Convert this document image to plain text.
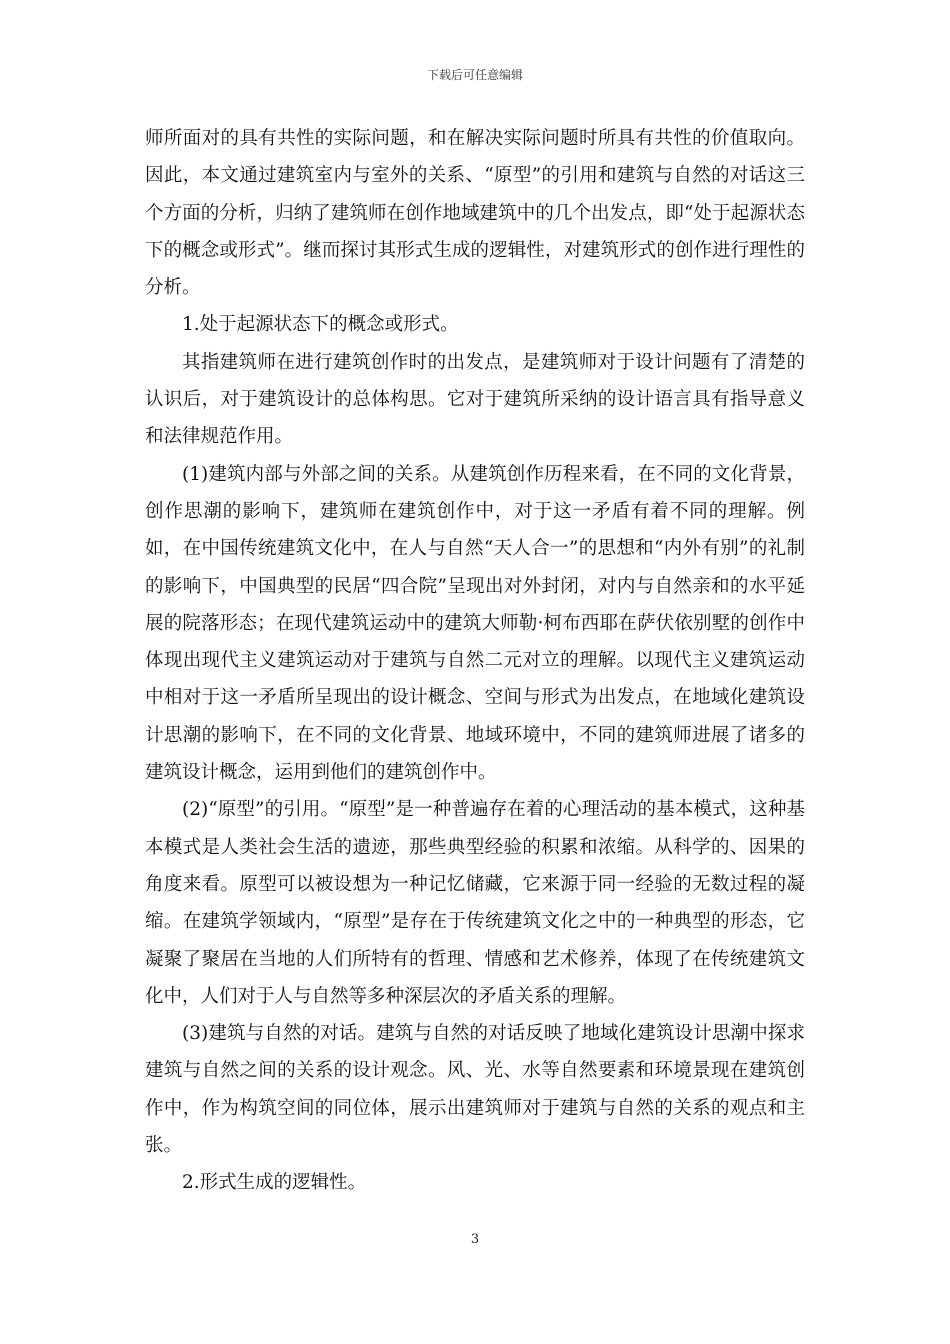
下载后可任意编辑

师所面对的具有共性的实际问题，和在解决实际问题时所具有共性的价值取向。因此，本文通过建筑室内与室外的关系、“原型”的引用和建筑与自然的对话这三个方面的分析，归纳了建筑师在创作地域建筑中的几个出发点，即“处于起源状态下的概念或形式”。继而探讨其形式生成的逻辑性，对建筑形式的创作进行理性的分析。

1.处于起源状态下的概念或形式。

其指建筑师在进行建筑创作时的出发点，是建筑师对于设计问题有了清楚的认识后，对于建筑设计的总体构思。它对于建筑所采纳的设计语言具有指导意义和法律规范作用。

(1)建筑内部与外部之间的关系。从建筑创作历程来看，在不同的文化背景，创作思潮的影响下，建筑师在建筑创作中，对于这一矛盾有着不同的理解。例如，在中国传统建筑文化中，在人与自然“天人合一”的思想和“内外有别”的礼制的影响下，中国典型的民居“四合院”呈现出对外封闭，对内与自然亲和的水平延展的院落形态；在现代建筑运动中的建筑大师勒·柯布西耶在萨伏依别墅的创作中体现出现代主义建筑运动对于建筑与自然二元对立的理解。以现代主义建筑运动中相对于这一矛盾所呈现出的设计概念、空间与形式为出发点，在地域化建筑设计思潮的影响下，在不同的文化背景、地域环境中，不同的建筑师进展了诸多的建筑设计概念，运用到他们的建筑创作中。

(2)“原型”的引用。“原型”是一种普遍存在着的心理活动的基本模式，这种基本模式是人类社会生活的遗迹，那些典型经验的积累和浓缩。从科学的、因果的角度来看。原型可以被设想为一种记忆储藏，它来源于同一经验的无数过程的凝缩。在建筑学领域内，“原型”是存在于传统建筑文化之中的一种典型的形态，它凝聚了聚居在当地的人们所特有的哲理、情感和艺术修养，体现了在传统建筑文化中，人们对于人与自然等多种深层次的矛盾关系的理解。

(3)建筑与自然的对话。建筑与自然的对话反映了地域化建筑设计思潮中探求建筑与自然之间的关系的设计观念。风、光、水等自然要素和环境景现在建筑创作中，作为构筑空间的同位体，展示出建筑师对于建筑与自然的关系的观点和主张。

2.形式生成的逻辑性。

3
